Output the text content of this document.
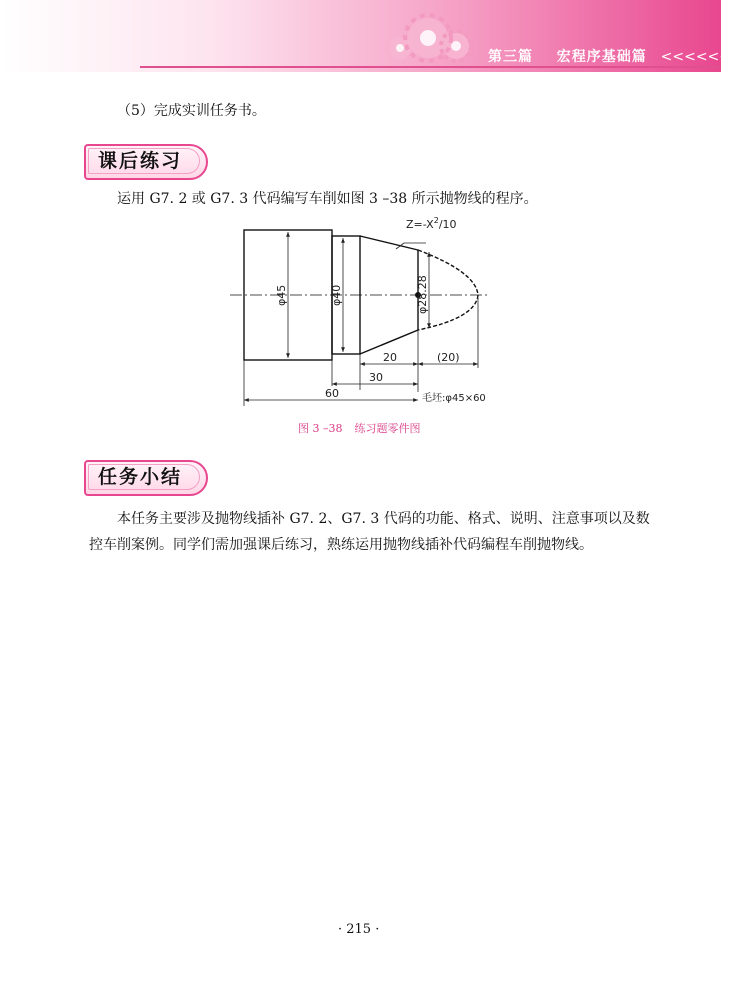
第三篇 宏程序基础篇 <<<<<<<
（5）完成实训任务书。
课后练习
运用 G7. 2 或 G7. 3 代码编写车削如图 3 –38 所示抛物线的程序。
$Z=-X^2/10$
φ45	φ40	φ28.28
20	(20)
30
60	毛坯:φ45×60
图 3 –38 练习题零件图
任务小结
本任务主要涉及抛物线插补 G7. 2、G7. 3 代码的功能、格式、说明、注意事项以及数
控车削案例。同学们需加强课后练习，熟练运用抛物线插补代码编程车削抛物线。
· 215 ·
